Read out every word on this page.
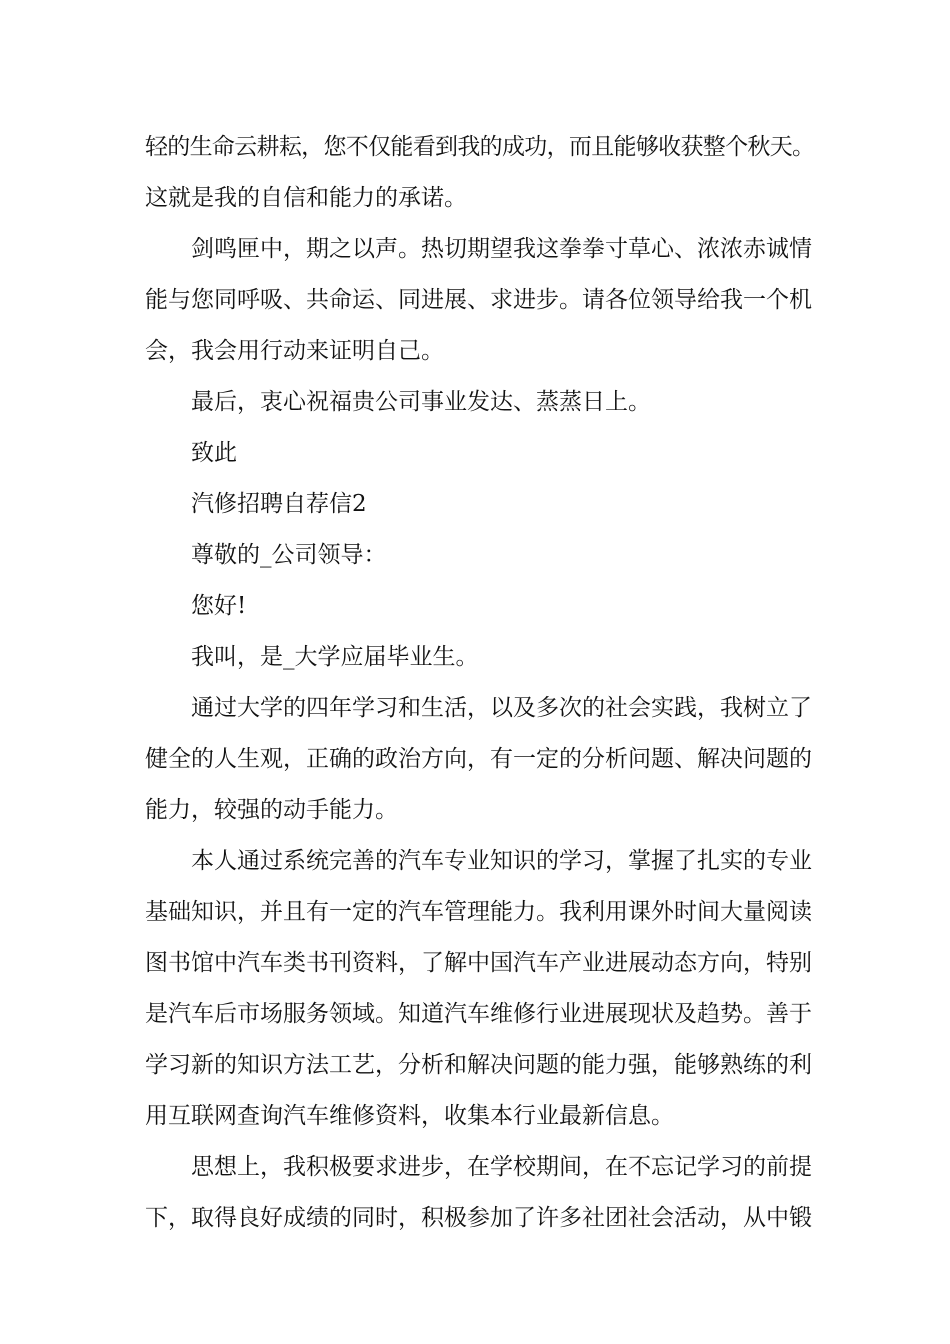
轻的生命云耕耘，您不仅能看到我的成功，而且能够收获整个秋天。
这就是我的自信和能力的承诺。
剑鸣匣中，期之以声。热切期望我这拳拳寸草心、浓浓赤诚情
能与您同呼吸、共命运、同进展、求进步。请各位领导给我一个机
会，我会用行动来证明自己。
最后，衷心祝福贵公司事业发达、蒸蒸日上。
致此
汽修招聘自荐信2
尊敬的_公司领导：
您好!
我叫，是_大学应届毕业生。
通过大学的四年学习和生活，以及多次的社会实践，我树立了
健全的人生观，正确的政治方向，有一定的分析问题、解决问题的
能力，较强的动手能力。
本人通过系统完善的汽车专业知识的学习，掌握了扎实的专业
基础知识，并且有一定的汽车管理能力。我利用课外时间大量阅读
图书馆中汽车类书刊资料，了解中国汽车产业进展动态方向，特别
是汽车后市场服务领域。知道汽车维修行业进展现状及趋势。善于
学习新的知识方法工艺，分析和解决问题的能力强，能够熟练的利
用互联网查询汽车维修资料，收集本行业最新信息。
思想上，我积极要求进步，在学校期间，在不忘记学习的前提
下，取得良好成绩的同时，积极参加了许多社团社会活动，从中锻
